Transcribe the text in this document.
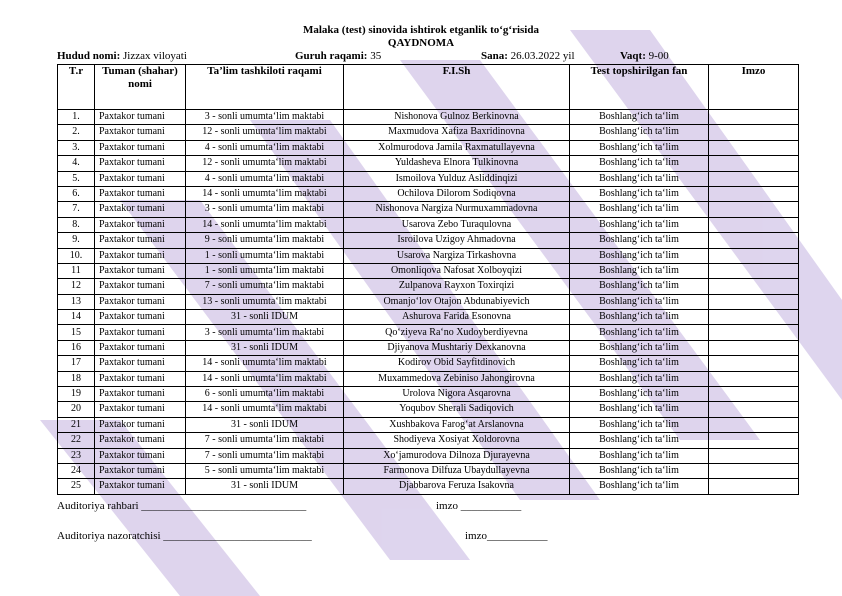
Malaka (test) sinovida ishtirok etganlik to‘g‘risida
QAYDNOMA
Hudud nomi: Jizzax viloyati	Guruh raqami: 35	Sana: 26.03.2022 yil	Vaqt: 9-00
T.r	Tuman (shahar) nomi	Ta’lim tashkiloti raqami	F.I.Sh	Test topshirilgan fan	Imzo
1.	Paxtakor tumani	3 - sonli umumta‘lim maktabi	Nishonova Gulnoz Berkinovna	Boshlang‘ich ta‘lim	
2.	Paxtakor tumani	12 - sonli umumta‘lim maktabi	Maxmudova Xafiza Baxridinovna	Boshlang‘ich ta‘lim	
3.	Paxtakor tumani	4 - sonli umumta‘lim maktabi	Xolmurodova Jamila Raxmatullayevna	Boshlang‘ich ta‘lim	
4.	Paxtakor tumani	12 - sonli umumta‘lim maktabi	Yuldasheva Elnora Tulkinovna	Boshlang‘ich ta‘lim	
5.	Paxtakor tumani	4 - sonli umumta‘lim maktabi	Ismoilova Yulduz Asliddinqizi	Boshlang‘ich ta‘lim	
6.	Paxtakor tumani	14 - sonli umumta‘lim maktabi	Ochilova Dilorom Sodiqovna	Boshlang‘ich ta‘lim	
7.	Paxtakor tumani	3 - sonli umumta‘lim maktabi	Nishonova Nargiza Nurmuxammadovna	Boshlang‘ich ta‘lim	
8.	Paxtakor tumani	14 - sonli umumta‘lim maktabi	Usarova Zebo Turaqulovna	Boshlang‘ich ta‘lim	
9.	Paxtakor tumani	9 - sonli umumta‘lim maktabi	Isroilova Uzigoy Ahmadovna	Boshlang‘ich ta‘lim	
10.	Paxtakor tumani	1 - sonli umumta‘lim maktabi	Usarova Nargiza Tirkashovna	Boshlang‘ich ta‘lim	
11	Paxtakor tumani	1 - sonli umumta‘lim maktabi	Omonliqova Nafosat Xolboyqizi	Boshlang‘ich ta‘lim	
12	Paxtakor tumani	7 - sonli umumta‘lim maktabi	Zulpanova Rayxon Toxirqizi	Boshlang‘ich ta‘lim	
13	Paxtakor tumani	13 - sonli umumta‘lim maktabi	Omanjo‘lov Otajon Abdunabiyevich	Boshlang‘ich ta‘lim	
14	Paxtakor tumani	31 - sonli IDUM	Ashurova Farida Esonovna	Boshlang‘ich ta‘lim	
15	Paxtakor tumani	3 - sonli umumta‘lim maktabi	Qo‘ziyeva Ra‘no Xudoyberdiyevna	Boshlang‘ich ta‘lim	
16	Paxtakor tumani	31 - sonli IDUM	Djiyanova Mushtariy Dexkanovna	Boshlang‘ich ta‘lim	
17	Paxtakor tumani	14 - sonli umumta‘lim maktabi	Kodirov Obid Sayfitdinovich	Boshlang‘ich ta‘lim	
18	Paxtakor tumani	14 - sonli umumta‘lim maktabi	Muxammedova Zebiniso Jahongirovna	Boshlang‘ich ta‘lim	
19	Paxtakor tumani	6 - sonli umumta‘lim maktabi	Urolova Nigora Asqarovna	Boshlang‘ich ta‘lim	
20	Paxtakor tumani	14 - sonli umumta‘lim maktabi	Yoqubov Sherali Sadiqovich	Boshlang‘ich ta‘lim	
21	Paxtakor tumani	31 - sonli IDUM	Xushbakova Farog‘at Arslanovna	Boshlang‘ich ta‘lim	
22	Paxtakor tumani	7 - sonli umumta‘lim maktabi	Shodiyeva Xosiyat Xoldorovna	Boshlang‘ich ta‘lim	
23	Paxtakor tumani	7 - sonli umumta‘lim maktabi	Xo‘jamurodova Dilnoza Djurayevna	Boshlang‘ich ta‘lim	
24	Paxtakor tumani	5 - sonli umumta‘lim maktabi	Farmonova Dilfuza Ubaydullayevna	Boshlang‘ich ta‘lim	
25	Paxtakor tumani	31 - sonli IDUM	Djabbarova Feruza Isakovna	Boshlang‘ich ta‘lim	
Auditoriya rahbari ______________________________	imzo ___________
Auditoriya nazoratchisi ___________________________	imzo___________
